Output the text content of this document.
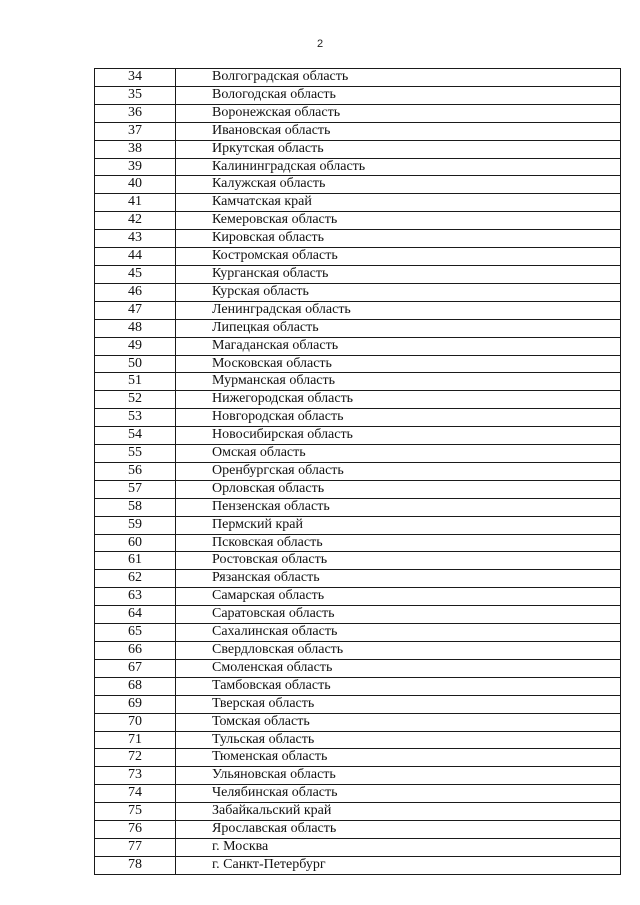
2
34	Волгоградская область
35	Вологодская область
36	Воронежская область
37	Ивановская область
38	Иркутская область
39	Калининградская область
40	Калужская область
41	Камчатская край
42	Кемеровская область
43	Кировская область
44	Костромская область
45	Курганская область
46	Курская область
47	Ленинградская область
48	Липецкая область
49	Магаданская область
50	Московская область
51	Мурманская область
52	Нижегородская область
53	Новгородская область
54	Новосибирская область
55	Омская область
56	Оренбургская область
57	Орловская область
58	Пензенская область
59	Пермский край
60	Псковская область
61	Ростовская область
62	Рязанская область
63	Самарская область
64	Саратовская область
65	Сахалинская область
66	Свердловская область
67	Смоленская область
68	Тамбовская область
69	Тверская область
70	Томская область
71	Тульская область
72	Тюменская область
73	Ульяновская область
74	Челябинская область
75	Забайкальский край
76	Ярославская область
77	г. Москва
78	г. Санкт-Петербург
